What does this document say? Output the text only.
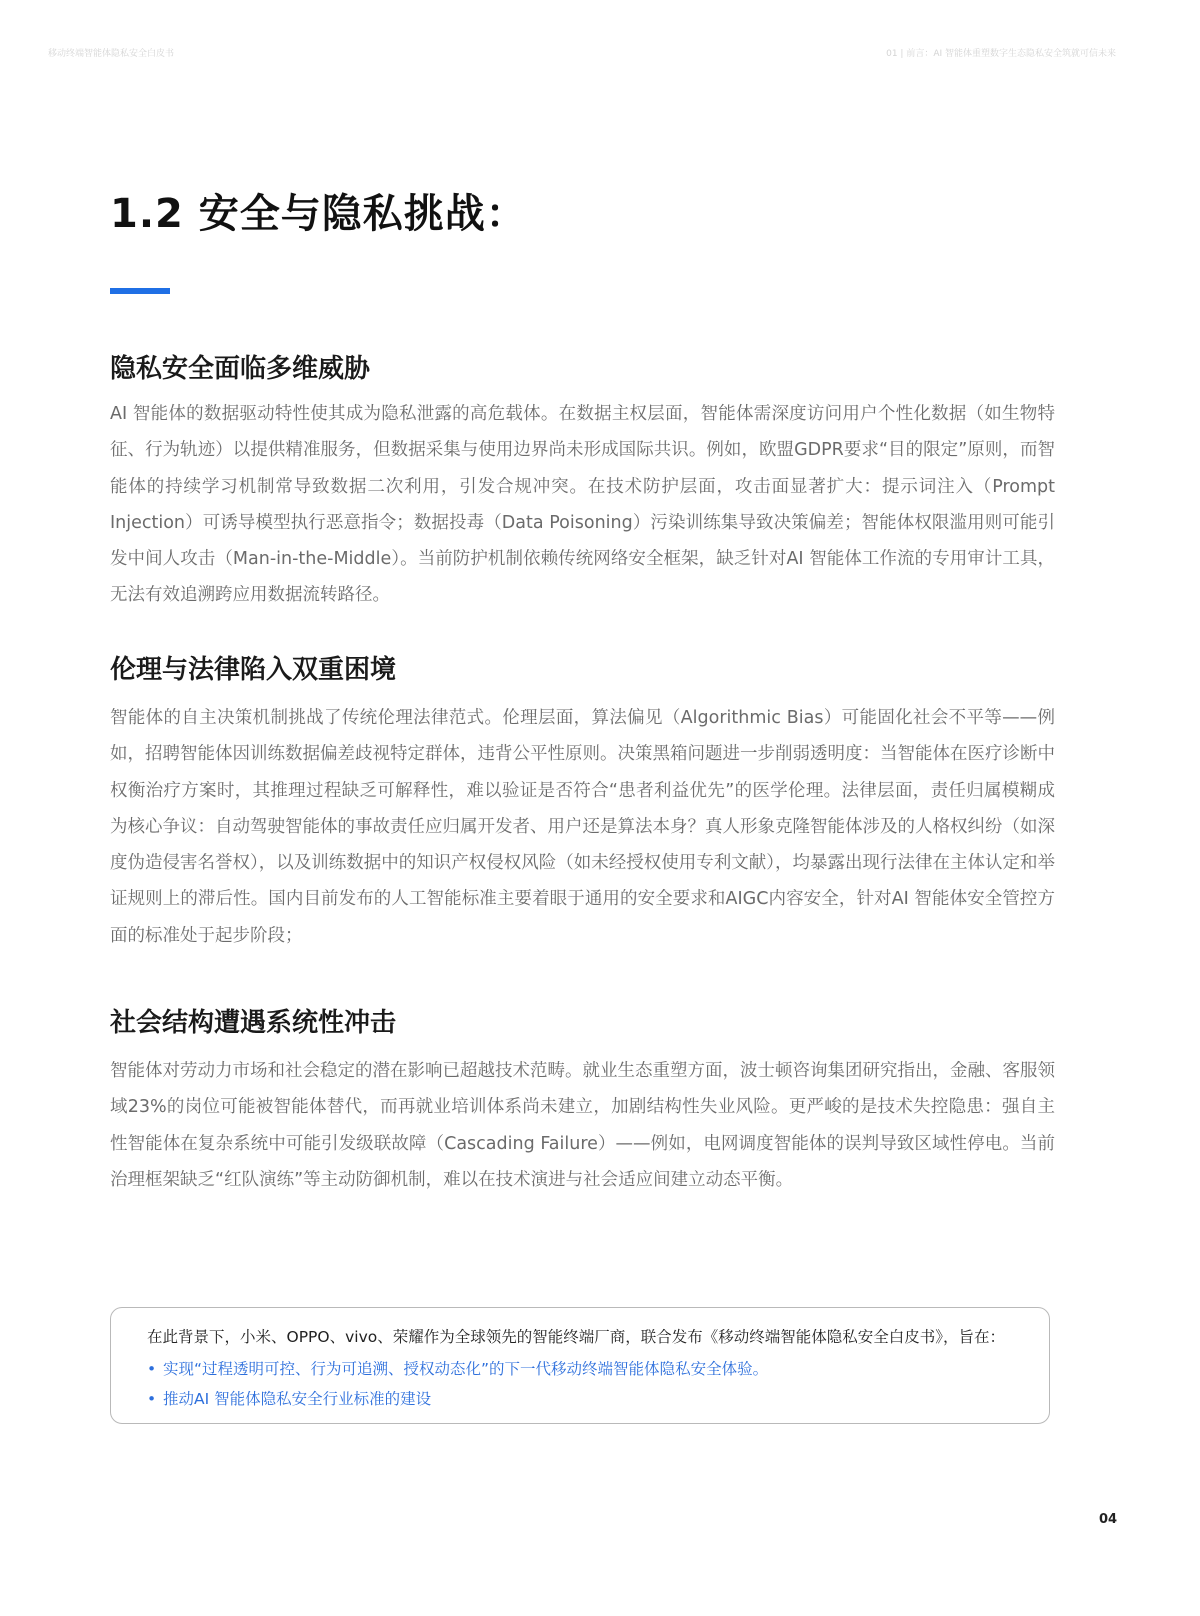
移动终端智能体隐私安全白皮书	01 | 前言：AI 智能体重塑数字生态隐私安全筑就可信未来
1.2 安全与隐私挑战：
隐私安全面临多维威胁

AI 智能体的数据驱动特性使其成为隐私泄露的高危载体。在数据主权层面，智能体需深度访问用户个性化数据（如生物特征、行为轨迹）以提供精准服务，但数据采集与使用边界尚未形成国际共识。例如，欧盟GDPR要求“目的限定”原则，而智能体的持续学习机制常导致数据二次利用，引发合规冲突。在技术防护层面，攻击面显著扩大：提示词注入（Prompt Injection）可诱导模型执行恶意指令；数据投毒（Data Poisoning）污染训练集导致决策偏差；智能体权限滥用则可能引发中间人攻击（Man-in-the-Middle）。当前防护机制依赖传统网络安全框架，缺乏针对AI 智能体工作流的专用审计工具，无法有效追溯跨应用数据流转路径。

伦理与法律陷入双重困境

智能体的自主决策机制挑战了传统伦理法律范式。伦理层面，算法偏见（Algorithmic Bias）可能固化社会不平等——例如，招聘智能体因训练数据偏差歧视特定群体，违背公平性原则。决策黑箱问题进一步削弱透明度：当智能体在医疗诊断中权衡治疗方案时，其推理过程缺乏可解释性，难以验证是否符合“患者利益优先”的医学伦理。法律层面，责任归属模糊成为核心争议：自动驾驶智能体的事故责任应归属开发者、用户还是算法本身？真人形象克隆智能体涉及的人格权纠纷（如深度伪造侵害名誉权），以及训练数据中的知识产权侵权风险（如未经授权使用专利文献），均暴露出现行法律在主体认定和举证规则上的滞后性。国内目前发布的人工智能标准主要着眼于通用的安全要求和AIGC内容安全，针对AI 智能体安全管控方面的标准处于起步阶段；

社会结构遭遇系统性冲击

智能体对劳动力市场和社会稳定的潜在影响已超越技术范畴。就业生态重塑方面，波士顿咨询集团研究指出，金融、客服领域23%的岗位可能被智能体替代，而再就业培训体系尚未建立，加剧结构性失业风险。更严峻的是技术失控隐患：强自主性智能体在复杂系统中可能引发级联故障（Cascading Failure）——例如，电网调度智能体的误判导致区域性停电。当前治理框架缺乏“红队演练”等主动防御机制，难以在技术演进与社会适应间建立动态平衡。

在此背景下，小米、OPPO、vivo、荣耀作为全球领先的智能终端厂商，联合发布《移动终端智能体隐私安全白皮书》，旨在：
• 实现“过程透明可控、行为可追溯、授权动态化”的下一代移动终端智能体隐私安全体验。
• 推动AI 智能体隐私安全行业标准的建设
04
